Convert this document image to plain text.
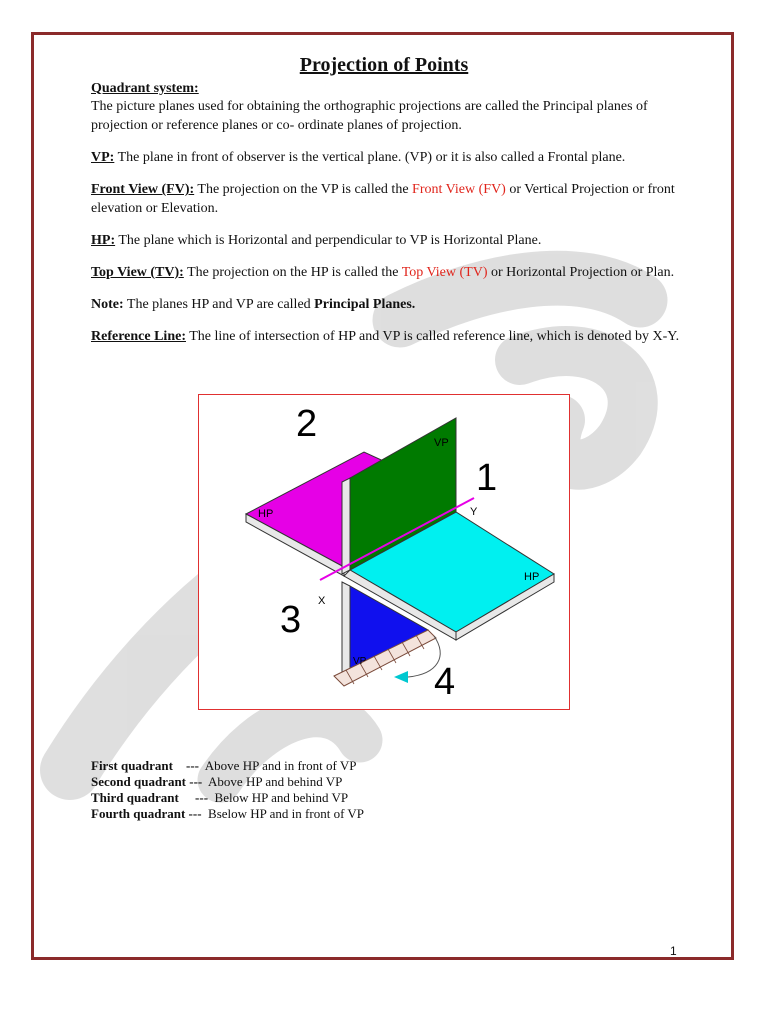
Projection of Points
Quadrant system:

The picture planes used for obtaining the orthographic projections are called the Principal planes of projection or reference planes or co- ordinate planes of projection.

VP: The plane in front of observer is the vertical plane. (VP) or it is also called a Frontal plane.

Front View (FV): The projection on the VP is called the Front View (FV) or Vertical Projection or front elevation or Elevation.

HP: The plane which is Horizontal and perpendicular to VP is Horizontal Plane.

Top View (TV): The projection on the HP is called the Top View (TV) or Horizontal Projection or Plan.

Note: The planes HP and VP are called Principal Planes.

Reference Line: The line of intersection of HP and VP is called reference line, which is denoted by X-Y.

2
1
3
4
HP
HP
VP
VP
X
Y
First quadrant --- Above HP and in front of VP
Second quadrant --- Above HP and behind VP
Third quadrant --- Below HP and behind VP
Fourth quadrant --- Bselow HP and in front of VP
1
